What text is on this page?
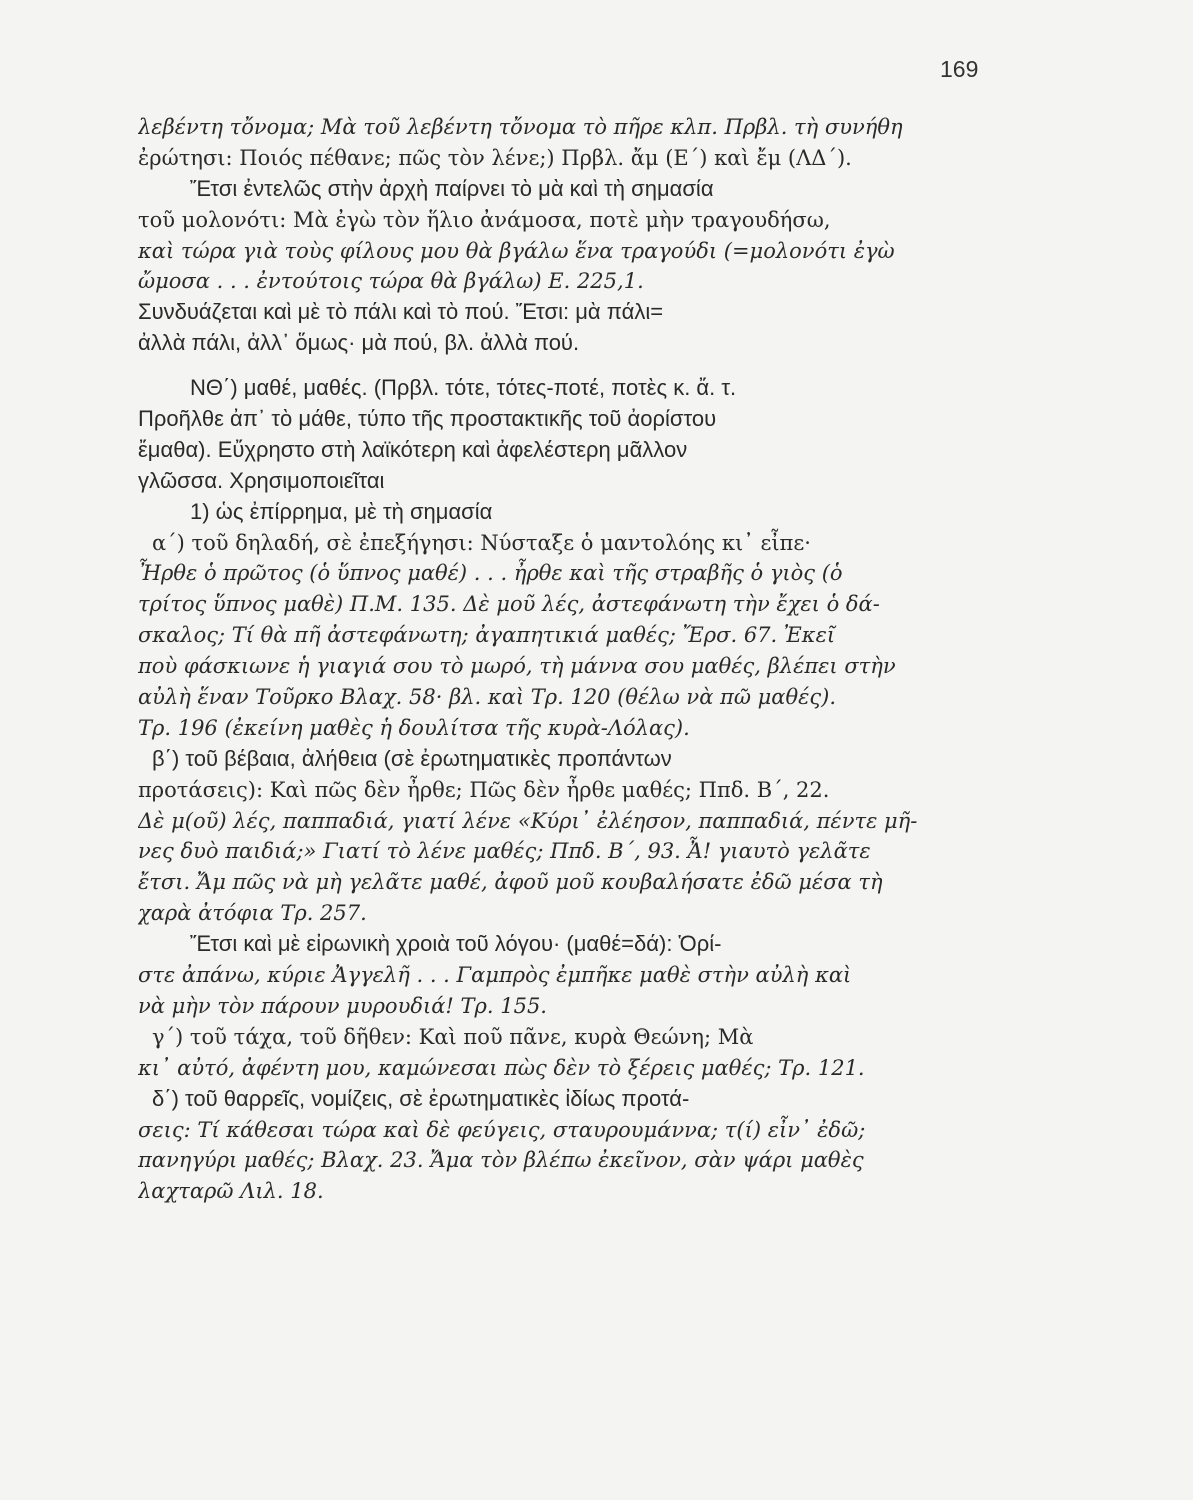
169
λεβέντη τὄνομα; Μὰ τοῦ λεβέντη τὄνομα τὸ πῆρε κλπ. Πρβλ. τὴ συνήθη
ἐρώτησι: Ποιός πέθανε; πῶς τὸν λένε;) Πρβλ. ἄμ (Ε΄) καὶ ἔμ (ΛΔ΄).
Ἔτσι ἐντελῶς στὴν ἀρχὴ παίρνει τὸ μὰ καὶ τὴ σημασία
τοῦ μολονότι: Μὰ ἐγὼ τὸν ἥλιο ἀνάμοσα, ποτὲ μὴν τραγουδήσω,
καὶ τώρα γιὰ τοὺς φίλους μου θὰ βγάλω ἕνα τραγούδι (=μολονότι ἐγὼ
ὤμοσα . . . ἐντούτοις τώρα θὰ βγάλω) Ε. 225,1.
Συνδυάζεται καὶ μὲ τὸ πάλι καὶ τὸ πού. Ἔτσι: μὰ πάλι=
ἀλλὰ πάλι, ἀλλ᾽ ὅμως· μὰ πού, βλ. ἀλλὰ πού.
ΝΘ΄) μαθέ, μαθές. (Πρβλ. τότε, τότες-ποτέ, ποτὲς κ. ἄ. τ.
Προῆλθε ἀπ᾽ τὸ μάθε, τύπο τῆς προστακτικῆς τοῦ ἀορίστου
ἔμαθα). Εὔχρηστο στὴ λαϊκότερη καὶ ἀφελέστερη μᾶλλον
γλῶσσα. Χρησιμοποιεῖται
1) ὡς ἐπίρρημα, μὲ τὴ σημασία
α΄) τοῦ δηλαδή, σὲ ἐπεξήγησι: Νύσταξε ὁ μαντολόης κι᾽ εἶπε·
Ἦρθε ὁ πρῶτος (ὁ ὕπνος μαθέ) . . . ἦρθε καὶ τῆς στραβῆς ὁ γιὸς (ὁ
τρίτος ὕπνος μαθὲ) Π.Μ. 135. Δὲ μοῦ λές, ἀστεφάνωτη τὴν ἔχει ὁ δά-
σκαλος; Τί θὰ πῆ ἀστεφάνωτη; ἀγαπητικιά μαθές; Ἔρσ. 67. Ἐκεῖ
ποὺ φάσκιωνε ἡ γιαγιά σου τὸ μωρό, τὴ μάννα σου μαθές, βλέπει στὴν
αὐλὴ ἕναν Τοῦρκο Βλαχ. 58· βλ. καὶ Τρ. 120 (θέλω νὰ πῶ μαθές).
Τρ. 196 (ἐκείνη μαθὲς ἡ δουλίτσα τῆς κυρὰ-Λόλας).
β΄) τοῦ βέβαια, ἀλήθεια (σὲ ἐρωτηματικὲς προπάντων
προτάσεις): Καὶ πῶς δὲν ἦρθε; Πῶς δὲν ἦρθε μαθές; Ππδ. Β΄, 22.
Δὲ μ(οῦ) λές, παππαδιά, γιατί λένε «Κύρι᾽ ἐλέησον, παππαδιά, πέντε μῆ-
νες δυὸ παιδιά;» Γιατί τὸ λένε μαθές; Ππδ. Β΄, 93. Ἆ! γιαυτὸ γελᾶτε
ἔτσι. Ἄμ πῶς νὰ μὴ γελᾶτε μαθέ, ἀφοῦ μοῦ κουβαλήσατε ἐδῶ μέσα τὴ
χαρὰ ἀτόφια Τρ. 257.
Ἔτσι καὶ μὲ εἰρωνικὴ χροιὰ τοῦ λόγου· (μαθέ=δά): Ὁρί-
στε ἀπάνω, κύριε Ἀγγελῆ . . . Γαμπρὸς ἐμπῆκε μαθὲ στὴν αὐλὴ καὶ
νὰ μὴν τὸν πάρουν μυρουδιά! Τρ. 155.
γ΄) τοῦ τάχα, τοῦ δῆθεν: Καὶ ποῦ πᾶνε, κυρὰ Θεώνη; Μὰ
κι᾽ αὐτό, ἀφέντη μου, καμώνεσαι πὼς δὲν τὸ ξέρεις μαθές; Τρ. 121.
δ΄) τοῦ θαρρεῖς, νομίζεις, σὲ ἐρωτηματικὲς ἰδίως προτά-
σεις: Τί κάθεσαι τώρα καὶ δὲ φεύγεις, σταυρουμάννα; τ(ί) εἶν᾽ ἐδῶ;
πανηγύρι μαθές; Βλαχ. 23. Ἄμα τὸν βλέπω ἐκεῖνον, σὰν ψάρι μαθὲς
λαχταρῶ Λιλ. 18.
